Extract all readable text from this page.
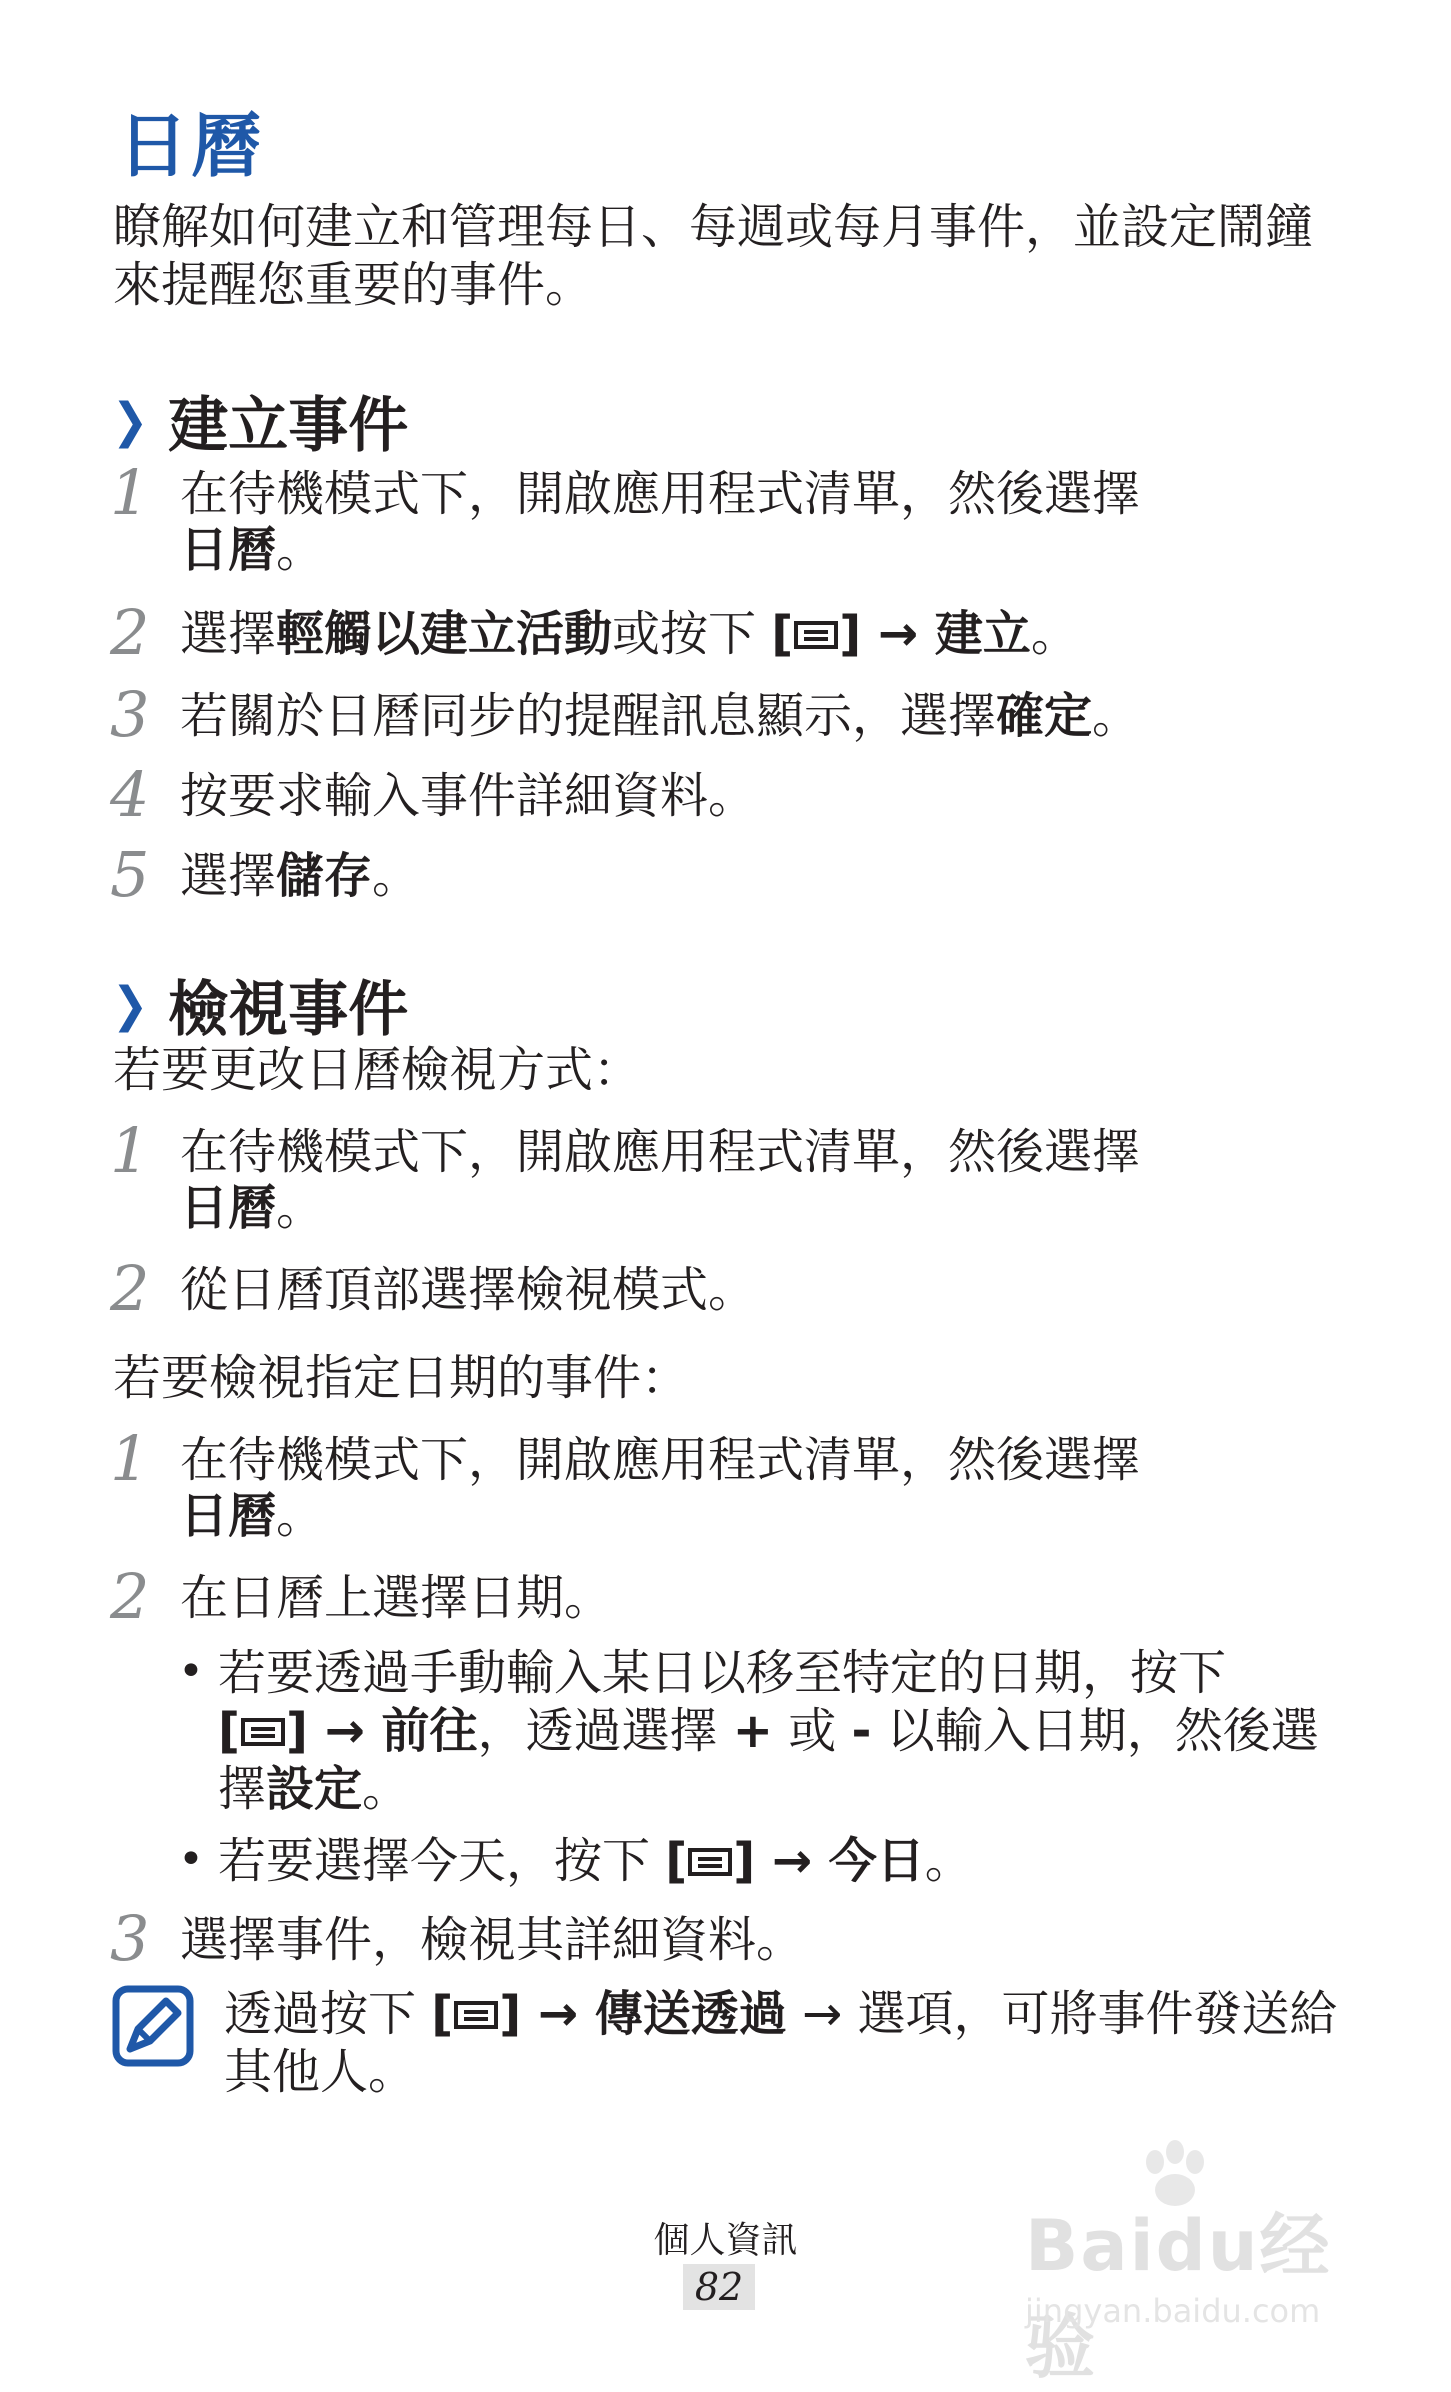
日曆
瞭解如何建立和管理每日、每週或每月事件，並設定鬧鐘來提醒您重要的事件。
❯ 建立事件
1 在待機模式下，開啟應用程式清單，然後選擇
日曆。
2 選擇輕觸以建立活動或按下 [ ] → 建立。
3 若關於日曆同步的提醒訊息顯示，選擇確定。
4 按要求輸入事件詳細資料。
5 選擇儲存。
❯ 檢視事件
若要更改日曆檢視方式：
1 在待機模式下，開啟應用程式清單，然後選擇
日曆。
2 從日曆頂部選擇檢視模式。
若要檢視指定日期的事件：
1 在待機模式下，開啟應用程式清單，然後選擇
日曆。
2 在日曆上選擇日期。
• 若要透過手動輸入某日以移至特定的日期，按下
[ ] → 前往，透過選擇 + 或 - 以輸入日期，然後選擇設定。
• 若要選擇今天，按下 [ ] → 今日。
3 選擇事件，檢視其詳細資料。
透過按下 [ ] → 傳送透過 → 選項，可將事件發送給其他人。
個人資訊
82	Baidu经验
jingyan.baidu.com
